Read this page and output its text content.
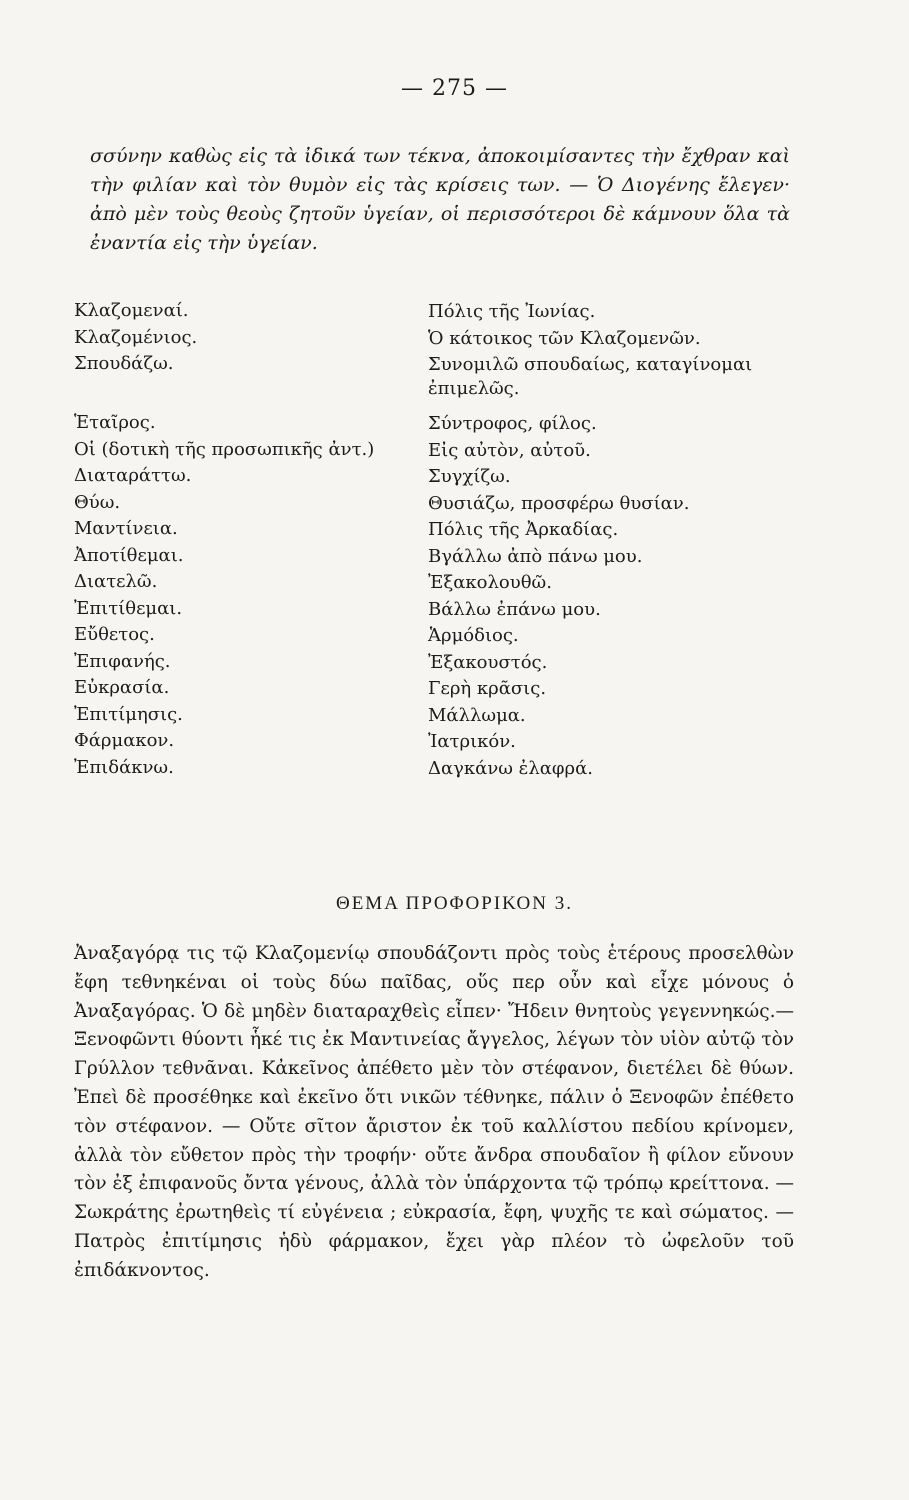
— 275 —

σσύνην καθὼς εἰς τὰ ἰδικά των τέκνα, ἀποκοιμίσαντες τὴν ἔχθραν καὶ τὴν φιλίαν καὶ τὸν θυμὸν εἰς τὰς κρίσεις των. — Ὁ Διογένης ἔλεγεν· ἀπὸ μὲν τοὺς θεοὺς ζητοῦν ὑγείαν, οἱ περισσότεροι δὲ κάμνουν ὅλα τὰ ἐναντία εἰς τὴν ὑγείαν.

Κλαζομεναί.	Πόλις τῆς Ἰωνίας.
Κλαζομένιος.	Ὁ κάτοικος τῶν Κλαζομενῶν.
Σπουδάζω.	Συνομιλῶ σπουδαίως, καταγίνομαι ἐπιμελῶς.
Ἑταῖρος.	Σύντροφος, φίλος.
Οἱ (δοτικὴ τῆς προσωπικῆς ἀντ.)	Εἰς αὐτὸν, αὐτοῦ.
Διαταράττω.	Συγχίζω.
Θύω.	Θυσιάζω, προσφέρω θυσίαν.
Μαντίνεια.	Πόλις τῆς Ἀρκαδίας.
Ἀποτίθεμαι.	Βγάλλω ἀπὸ πάνω μου.
Διατελῶ.	Ἐξακολουθῶ.
Ἐπιτίθεμαι.	Βάλλω ἐπάνω μου.
Εὔθετος.	Ἁρμόδιος.
Ἐπιφανής.	Ἐξακουστός.
Εὐκρασία.	Γερὴ κρᾶσις.
Ἐπιτίμησις.	Μάλλωμα.
Φάρμακον.	Ἰατρικόν.
Ἐπιδάκνω.	Δαγκάνω ἐλαφρά.
ΘΕΜΑ ΠΡΟΦΟΡΙΚΟΝ 3.

Ἀναξαγόρᾳ τις τῷ Κλαζομενίῳ σπουδάζοντι πρὸς τοὺς ἑτέρους προσελθὼν ἔφη τεθνηκέναι οἱ τοὺς δύω παῖδας, οὕς περ οὖν καὶ εἶχε μόνους ὁ Ἀναξαγόρας. Ὁ δὲ μηδὲν διαταραχθεὶς εἶπεν· Ἤδειν θνητοὺς γεγεννηκώς.— Ξενοφῶντι θύοντι ἧκέ τις ἐκ Μαντινείας ἄγγελος, λέγων τὸν υἱὸν αὐτῷ τὸν Γρύλλον τεθνᾶναι. Κἀκεῖνος ἀπέθετο μὲν τὸν στέφανον, διετέλει δὲ θύων. Ἐπεὶ δὲ προσέθηκε καὶ ἐκεῖνο ὅτι νικῶν τέθνηκε, πάλιν ὁ Ξενοφῶν ἐπέθετο τὸν στέφανον. — Οὔτε σῖτον ἄριστον ἐκ τοῦ καλλίστου πεδίου κρίνομεν, ἀλλὰ τὸν εὔθετον πρὸς τὴν τροφήν· οὔτε ἄνδρα σπουδαῖον ἢ φίλον εὔνουν τὸν ἐξ ἐπιφανοῦς ὄντα γένους, ἀλλὰ τὸν ὑπάρχοντα τῷ τρόπῳ κρείττονα. — Σωκράτης ἐρωτηθεὶς τί εὐγένεια ; εὐκρασία, ἔφη, ψυχῆς τε καὶ σώματος. —Πατρὸς ἐπιτίμησις ἡδὺ φάρμακον, ἔχει γὰρ πλέον τὸ ὠφελοῦν τοῦ ἐπιδάκνοντος.
